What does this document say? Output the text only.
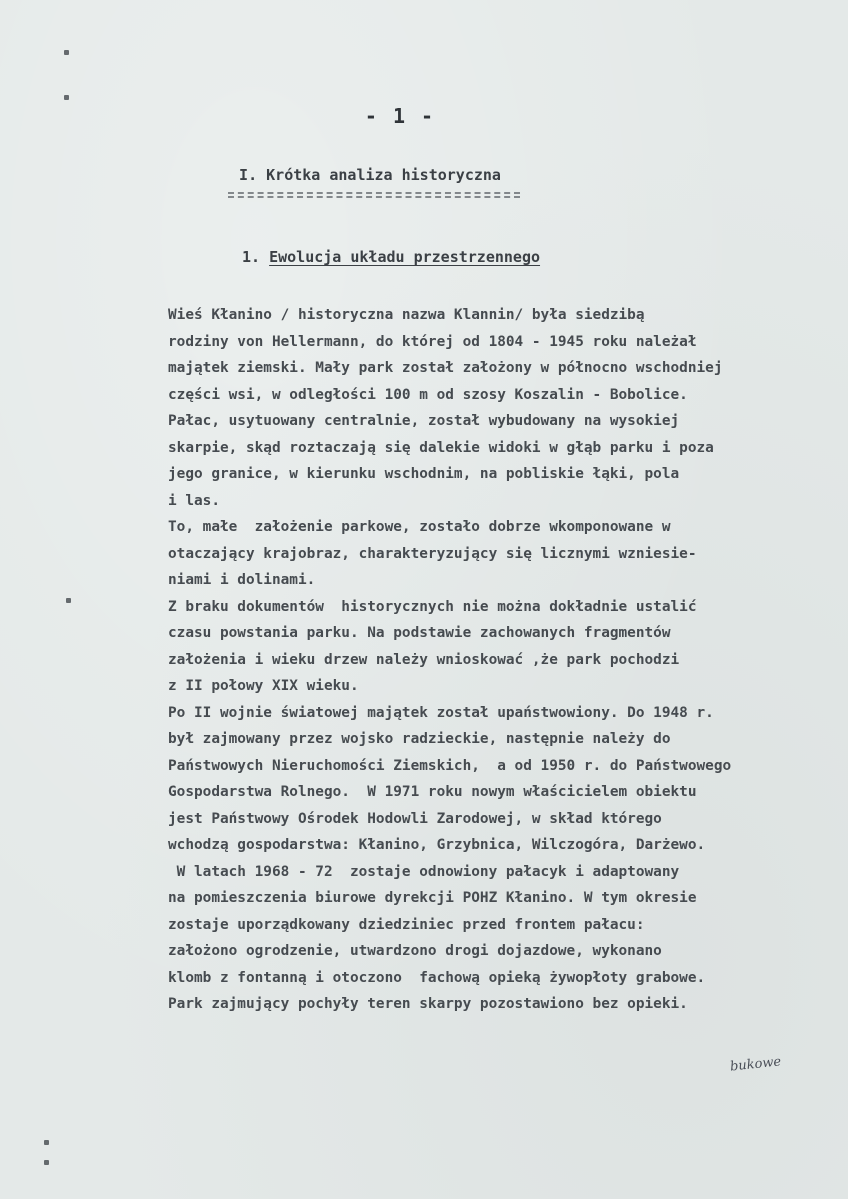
- 1 -
I. Krótka analiza historyczna
1. Ewolucja układu przestrzennego
Wieś Kłanino / historyczna nazwa Klannin/ była siedzibą
rodziny von Hellermann, do której od 1804 - 1945 roku należał
majątek ziemski. Mały park został założony w północno wschodniej
części wsi, w odległości 100 m od szosy Koszalin - Bobolice.
Pałac, usytuowany centralnie, został wybudowany na wysokiej
skarpie, skąd roztaczają się dalekie widoki w głąb parku i poza
jego granice, w kierunku wschodnim, na pobliskie łąki, pola
i las.
To, małe  założenie parkowe, zostało dobrze wkomponowane w
otaczający krajobraz, charakteryzujący się licznymi wzniesie-
niami i dolinami.
Z braku dokumentów  historycznych nie można dokładnie ustalić
czasu powstania parku. Na podstawie zachowanych fragmentów
założenia i wieku drzew należy wnioskować ,że park pochodzi
z II połowy XIX wieku.
Po II wojnie światowej majątek został upaństwowiony. Do 1948 r.
był zajmowany przez wojsko radzieckie, następnie należy do
Państwowych Nieruchomości Ziemskich,  a od 1950 r. do Państwowego
Gospodarstwa Rolnego.  W 1971 roku nowym właścicielem obiektu
jest Państwowy Ośrodek Hodowli Zarodowej, w skład którego
wchodzą gospodarstwa: Kłanino, Grzybnica, Wilczogóra, Darżewo.
W latach 1968 - 72  zostaje odnowiony pałacyk i adaptowany
na pomieszczenia biurowe dyrekcji POHZ Kłanino. W tym okresie
zostaje uporządkowany dziedziniec przed frontem pałacu:
założono ogrodzenie, utwardzono drogi dojazdowe, wykonano
klomb z fontanną i otoczono  fachową opieką żywopłoty grabowe.
Park zajmujący pochyły teren skarpy pozostawiono bez opieki.
bukowe
